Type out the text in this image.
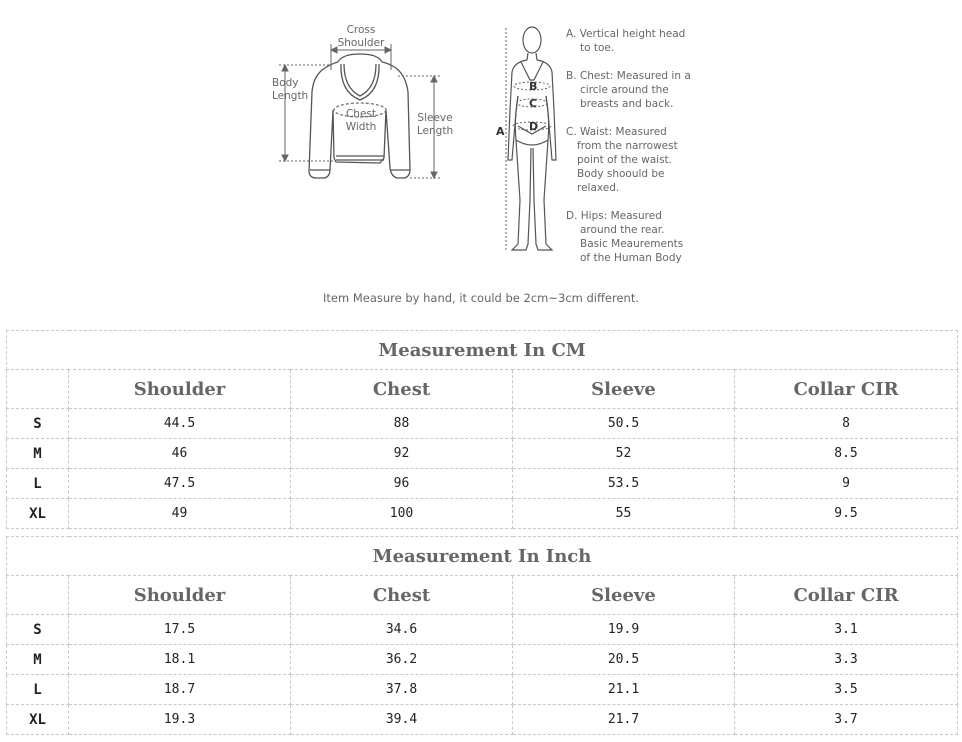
Cross
Shoulder
Body
Length
Chest
Width
Sleeve
Length	A
B
C
D
A. Vertical height head
to toe.
B. Chest: Measured in a
circle around the
breasts and back.
C. Waist: Measured
from the narrowest
point of the waist.
Body shoould be
relaxed.
D. Hips: Measured
around the rear.
Basic Meaurements
of the Human Body
Item Measure by hand, it could be 2cm~3cm different.
Measurement In CM				
	Shoulder	Chest	Sleeve	Collar CIR
S	44.5	88	50.5	8
M	46	92	52	8.5
L	47.5	96	53.5	9
XL	49	100	55	9.5
Measurement In Inch				
	Shoulder	Chest	Sleeve	Collar CIR
S	17.5	34.6	19.9	3.1
M	18.1	36.2	20.5	3.3
L	18.7	37.8	21.1	3.5
XL	19.3	39.4	21.7	3.7
